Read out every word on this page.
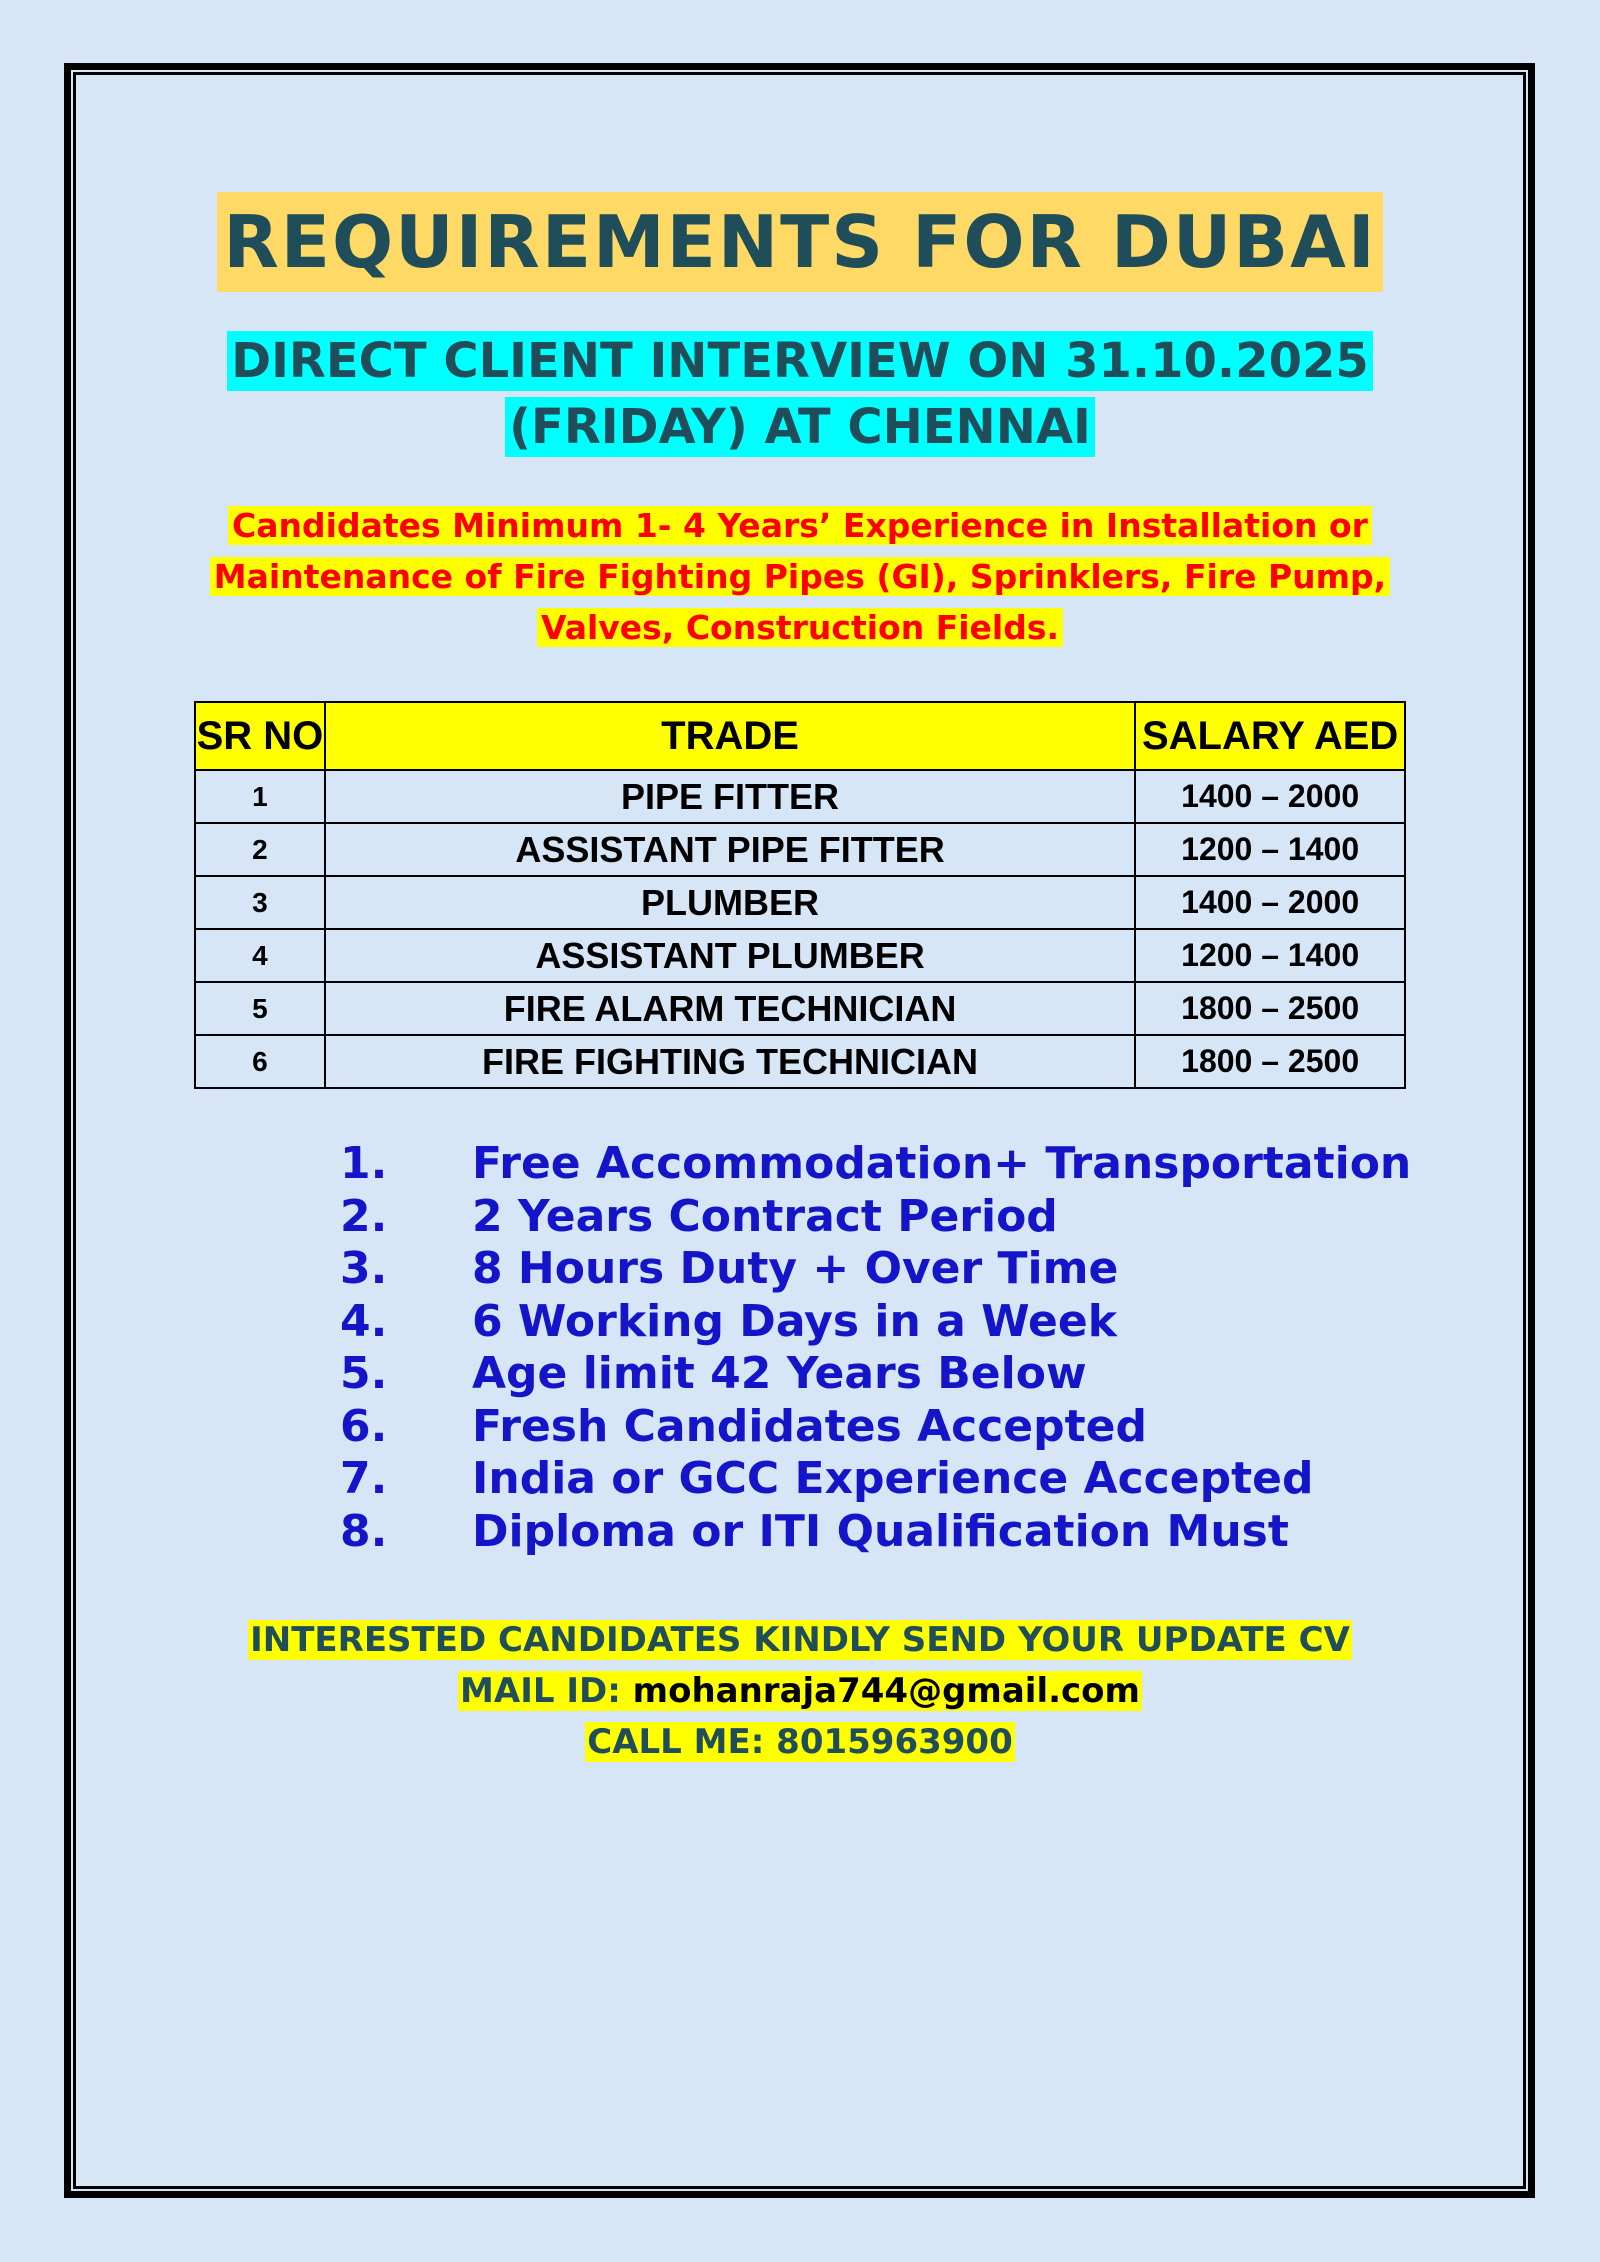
REQUIREMENTS FOR DUBAI
DIRECT CLIENT INTERVIEW ON 31.10.2025
(FRIDAY) AT CHENNAI
Candidates Minimum 1- 4 Years’ Experience in Installation or
Maintenance of Fire Fighting Pipes (GI), Sprinklers, Fire Pump,
Valves, Construction Fields.
SR NO	TRADE	SALARY AED
1	PIPE FITTER	1400 – 2000
2	ASSISTANT PIPE FITTER	1200 – 1400
3	PLUMBER	1400 – 2000
4	ASSISTANT PLUMBER	1200 – 1400
5	FIRE ALARM TECHNICIAN	1800 – 2500
6	FIRE FIGHTING TECHNICIAN	1800 – 2500
1. Free Accommodation+ Transportation
2. 2 Years Contract Period
3. 8 Hours Duty + Over Time
4. 6 Working Days in a Week
5. Age limit 42 Years Below
6. Fresh Candidates Accepted
7. India or GCC Experience Accepted
8. Diploma or ITI Qualification Must
INTERESTED CANDIDATES KINDLY SEND YOUR UPDATE CV
MAIL ID: mohanraja744@gmail.com
CALL ME: 8015963900
